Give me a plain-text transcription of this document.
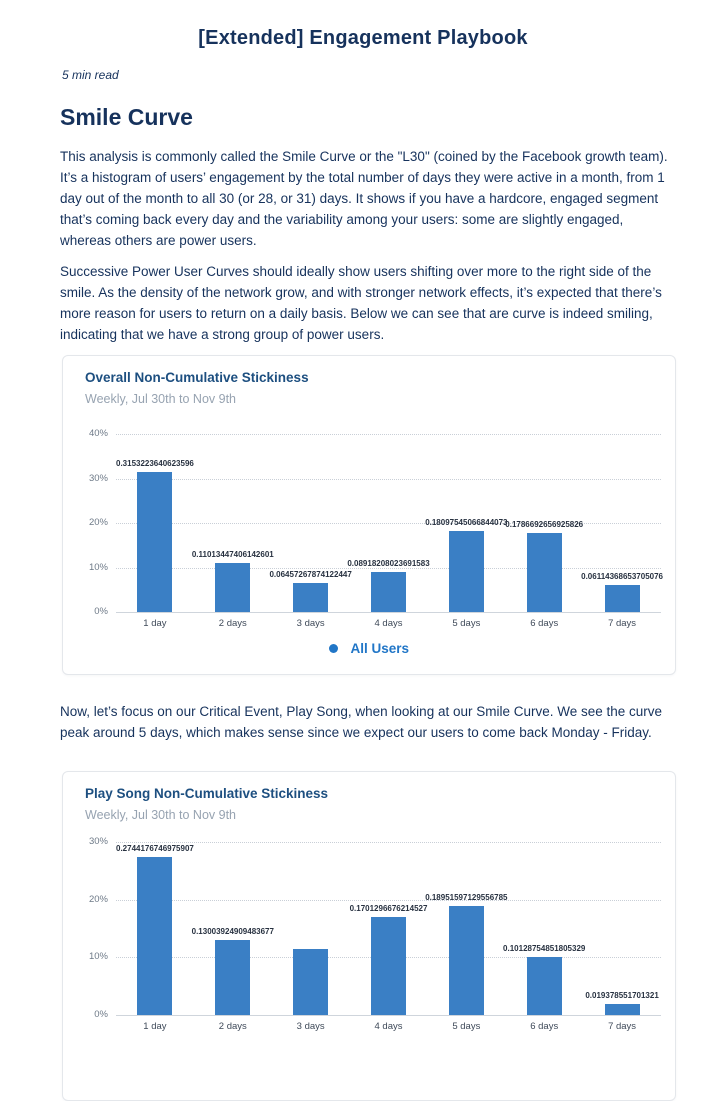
[Extended] Engagement Playbook
5 min read
Smile Curve

This analysis is commonly called the Smile Curve or the "L30" (coined by the Facebook growth team). It’s a histogram of users’ engagement by the total number of days they were active in a month, from 1 day out of the month to all 30 (or 28, or 31) days. It shows if you have a hardcore, engaged segment that’s coming back every day and the variability among your users: some are slightly engaged, whereas others are power users.

Successive Power User Curves should ideally show users shifting over more to the right side of the smile. As the density of the network grow, and with stronger network effects, it’s expected that there’s more reason for users to return on a daily basis. Below we can see that are curve is indeed smiling, indicating that we have a strong group of power users.

Overall Non-Cumulative Stickiness
Weekly, Jul 30th to Nov 9th
0%
10%
20%
30%
40%
0.3153223640623596
1 day
0.11013447406142601
2 days
0.06457267874122447
3 days
0.08918208023691583
4 days
0.18097545066844073
5 days
0.1786692656925826
6 days
0.06114368653705076
7 days
All Users

Now, let’s focus on our Critical Event, Play Song, when looking at our Smile Curve. We see the curve peak around 5 days, which makes sense since we expect our users to come back Monday - Friday.

Play Song Non-Cumulative Stickiness
Weekly, Jul 30th to Nov 9th
0%
10%
20%
30%
0.2744176746975907
1 day
0.13003924909483677
2 days	3 days
0.1701296676214527
4 days
0.18951597129556785
5 days
0.10128754851805329
6 days
0.019378551701321
7 days
